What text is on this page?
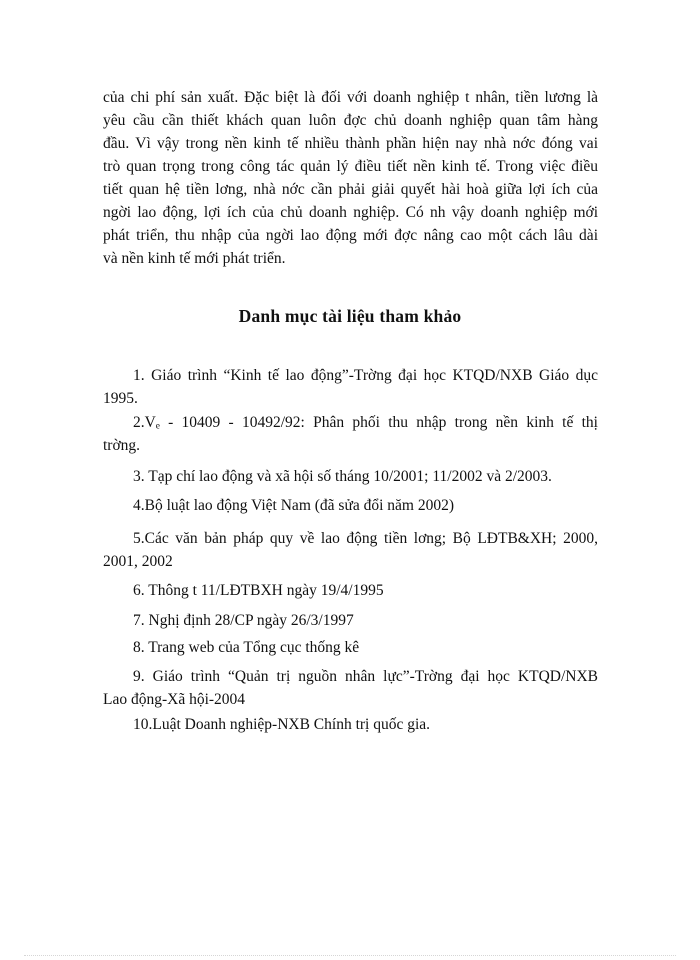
của chi phí sản xuất. Đặc biệt là đối với doanh nghiệp t nhân, tiền lương là
yêu cầu cần thiết khách quan luôn đợc chủ doanh nghiệp quan tâm hàng
đầu. Vì vậy trong nền kinh tế nhiều thành phần hiện nay nhà nớc đóng vai
trò quan trọng trong công tác quản lý điều tiết nền kinh tế. Trong việc điều
tiết quan hệ tiền lơng, nhà nớc cần phải giải quyết hài hoà giữa lợi ích của
ngời lao động, lợi ích của chủ doanh nghiệp. Có nh vậy doanh nghiệp mới
phát triển, thu nhập của ngời lao động mới đợc nâng cao một cách lâu dài
và nền kinh tế mới phát triển.

Danh mục tài liệu tham khảo
1. Giáo trình “Kinh tế lao động”-Trờng đại học KTQD/NXB Giáo dục
1995.
2.Vₑ - 10409 - 10492/92: Phân phối thu nhập trong nền kinh tế thị
trờng.
3. Tạp chí lao động và xã hội số tháng 10/2001; 11/2002 và 2/2003.
4.Bộ luật lao động Việt Nam (đã sửa đổi năm 2002)
5.Các văn bản pháp quy về lao động tiền lơng; Bộ LĐTB&XH; 2000,
2001, 2002
6. Thông t 11/LĐTBXH ngày 19/4/1995
7. Nghị định 28/CP ngày 26/3/1997
8. Trang web của Tổng cục thống kê
9. Giáo trình “Quản trị nguồn nhân lực”-Trờng đại học KTQD/NXB
Lao động-Xã hội-2004
10.Luật Doanh nghiệp-NXB Chính trị quốc gia.
